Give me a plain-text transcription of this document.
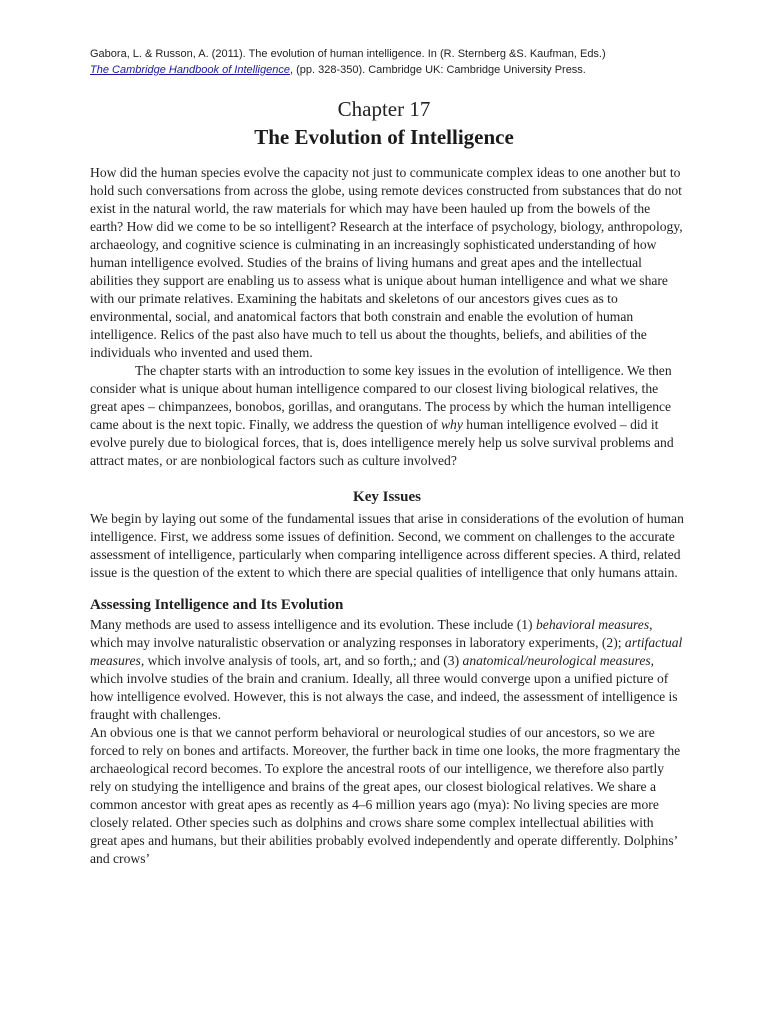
Gabora, L. & Russon, A. (2011). The evolution of human intelligence. In (R. Sternberg &S. Kaufman, Eds.)
The Cambridge Handbook of Intelligence, (pp. 328-350). Cambridge UK: Cambridge University Press.
Chapter 17
The Evolution of Intelligence

How did the human species evolve the capacity not just to communicate complex ideas to one another but to hold such conversations from across the globe, using remote devices constructed from substances that do not exist in the natural world, the raw materials for which may have been hauled up from the bowels of the earth? How did we come to be so intelligent? Research at the interface of psychology, biology, anthropology, archaeology, and cognitive science is culminating in an increasingly sophisticated understanding of how human intelligence evolved. Studies of the brains of living humans and great apes and the intellectual abilities they support are enabling us to assess what is unique about human intelligence and what we share with our primate relatives. Examining the habitats and skeletons of our ancestors gives cues as to environmental, social, and anatomical factors that both constrain and enable the evolution of human intelligence. Relics of the past also have much to tell us about the thoughts, beliefs, and abilities of the individuals who invented and used them.

The chapter starts with an introduction to some key issues in the evolution of intelligence. We then consider what is unique about human intelligence compared to our closest living biological relatives, the great apes – chimpanzees, bonobos, gorillas, and orangutans. The process by which the human intelligence came about is the next topic. Finally, we address the question of why human intelligence evolved – did it evolve purely due to biological forces, that is, does intelligence merely help us solve survival problems and attract mates, or are nonbiological factors such as culture involved?

Key Issues

We begin by laying out some of the fundamental issues that arise in considerations of the evolution of human intelligence. First, we address some issues of definition. Second, we comment on challenges to the accurate assessment of intelligence, particularly when comparing intelligence across different species. A third, related issue is the question of the extent to which there are special qualities of intelligence that only humans attain.

Assessing Intelligence and Its Evolution

Many methods are used to assess intelligence and its evolution. These include (1) behavioral measures, which may involve naturalistic observation or analyzing responses in laboratory experiments, (2); artifactual measures, which involve analysis of tools, art, and so forth,; and (3) anatomical/neurological measures, which involve studies of the brain and cranium. Ideally, all three would converge upon a unified picture of how intelligence evolved. However, this is not always the case, and indeed, the assessment of intelligence is fraught with challenges.

An obvious one is that we cannot perform behavioral or neurological studies of our ancestors, so we are forced to rely on bones and artifacts. Moreover, the further back in time one looks, the more fragmentary the archaeological record becomes. To explore the ancestral roots of our intelligence, we therefore also partly rely on studying the intelligence and brains of the great apes, our closest biological relatives. We share a common ancestor with great apes as recently as 4–6 million years ago (mya): No living species are more closely related. Other species such as dolphins and crows share some complex intellectual abilities with great apes and humans, but their abilities probably evolved independently and operate differently. Dolphins’ and crows’
